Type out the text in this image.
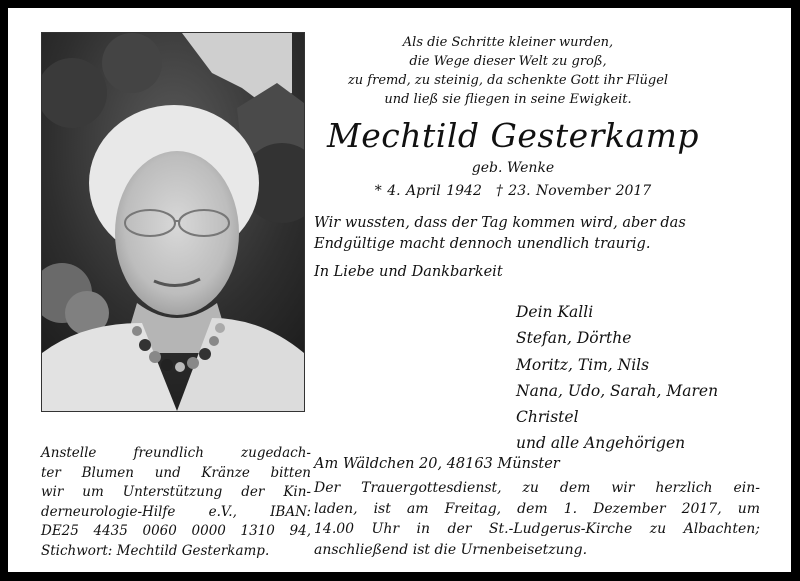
Als die Schritte kleiner wurden,
die Wege dieser Welt zu groß,
zu fremd, zu steinig, da schenkte Gott ihr Flügel
und ließ sie fliegen in seine Ewigkeit.
Mechtild Gesterkamp
geb. Wenke
* 4. April 1942 † 23. November 2017
Wir wussten, dass der Tag kommen wird, aber das
Endgültige macht dennoch unendlich traurig.
In Liebe und Dankbarkeit
Dein Kalli
Stefan, Dörthe
Moritz, Tim, Nils
Nana, Udo, Sarah, Maren
Christel
und alle Angehörigen
Am Wäldchen 20, 48163 Münster
Der Trauergottesdienst, zu dem wir herzlich ein-
laden, ist am Freitag, dem 1. Dezember 2017, um
14.00 Uhr in der St.-Ludgerus-Kirche zu Albachten;
anschließend ist die Urnenbeisetzung.
Anstelle freundlich zugedach-
ter Blumen und Kränze bitten
wir um Unterstützung der Kin-
derneurologie-Hilfe e.V., IBAN:
DE25 4435 0060 0000 1310 94,
Stichwort: Mechtild Gesterkamp.
